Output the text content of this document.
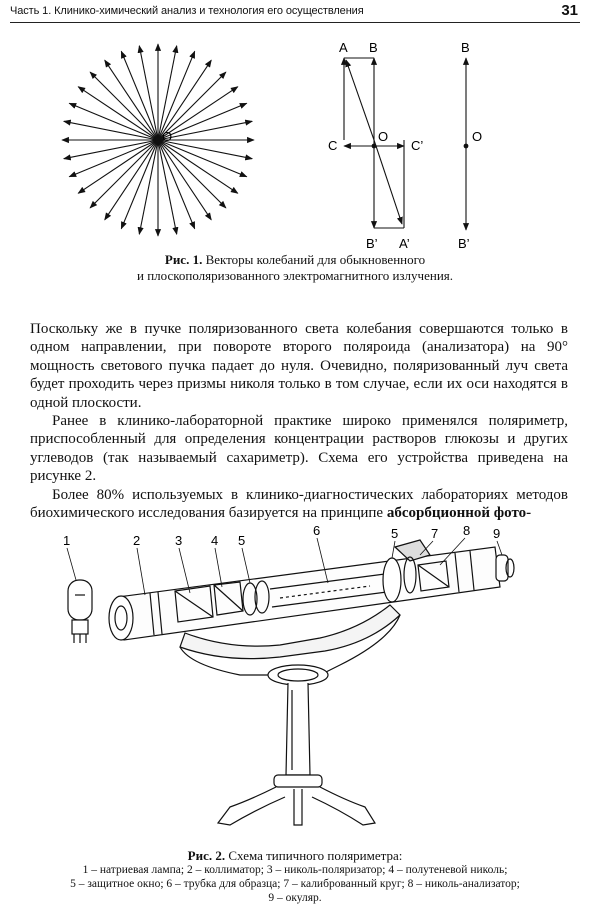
Часть 1. Клинико-химический анализ и технология его осуществления	31
O
A B
C
O
C’
B’ A’
B
O
B’
Рис. 1. Векторы колебаний для обыкновенного
и плоскополяризованного электромагнитного излучения.

Поскольку же в пучке поляризованного света колебания совершаются только в одном направлении, при повороте второго поляроида (анализатора) на 90° мощность светового пучка падает до нуля. Очевидно, поляризованный луч света будет проходить через призмы николя только в том случае, если их оси находятся в одной плоскости.

Ранее в клинико-лабораторной практике широко применялся поляриметр, приспособленный для определения концентрации растворов глюкозы и других углеводов (так называемый сахариметр). Схема его устройства приведена на рисунке 2.

Более 80% используемых в клинико-диагностических лабораториях методов биохимического исследования базируется на принципе абсорбционной фото-

1	2	3 4 5
6	5	7 8 9
Рис. 2. Схема типичного поляриметра:
1 – натриевая лампа; 2 – коллиматор; 3 – николь-поляризатор; 4 – полутеневой николь;
5 – защитное окно; 6 – трубка для образца; 7 – калиброванный круг; 8 – николь-анализатор;
9 – окуляр.
